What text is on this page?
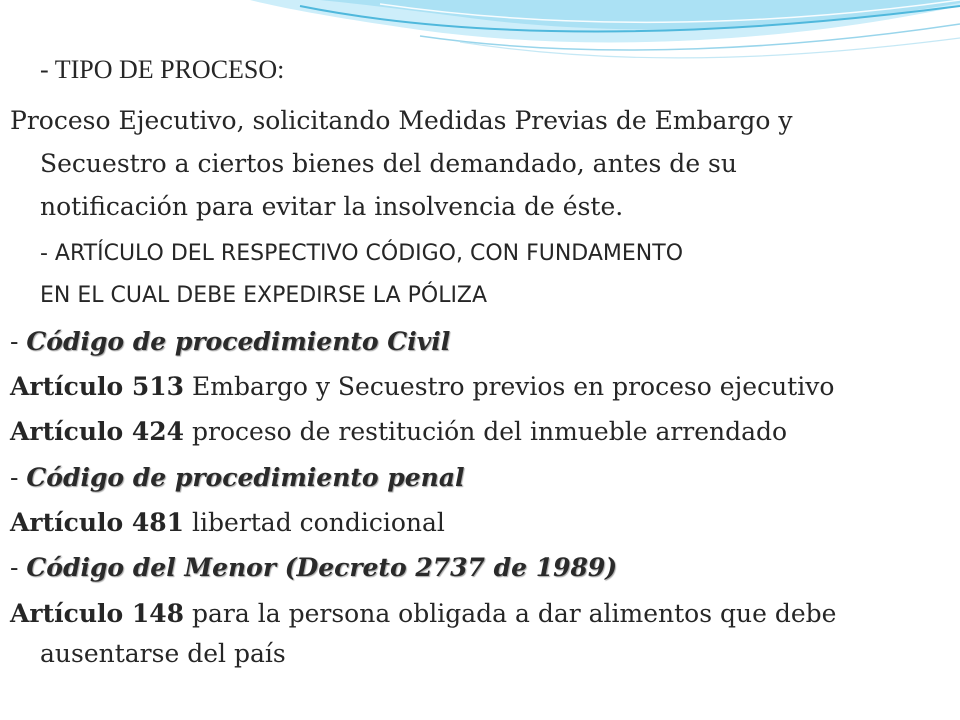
- TIPO DE PROCESO:
Proceso Ejecutivo, solicitando Medidas Previas de Embargo y
Secuestro a ciertos bienes del demandado, antes de su
notificación para evitar la insolvencia de éste.
- ARTÍCULO DEL RESPECTIVO CÓDIGO, CON FUNDAMENTO
EN EL CUAL DEBE EXPEDIRSE LA PÓLIZA
- Código de procedimiento Civil
Artículo 513 Embargo y Secuestro previos en proceso ejecutivo
Artículo 424 proceso de restitución del inmueble arrendado
- Código de procedimiento penal
Artículo 481 libertad condicional
- Código del Menor (Decreto 2737 de 1989)
Artículo 148 para la persona obligada a dar alimentos que debe
ausentarse del país
